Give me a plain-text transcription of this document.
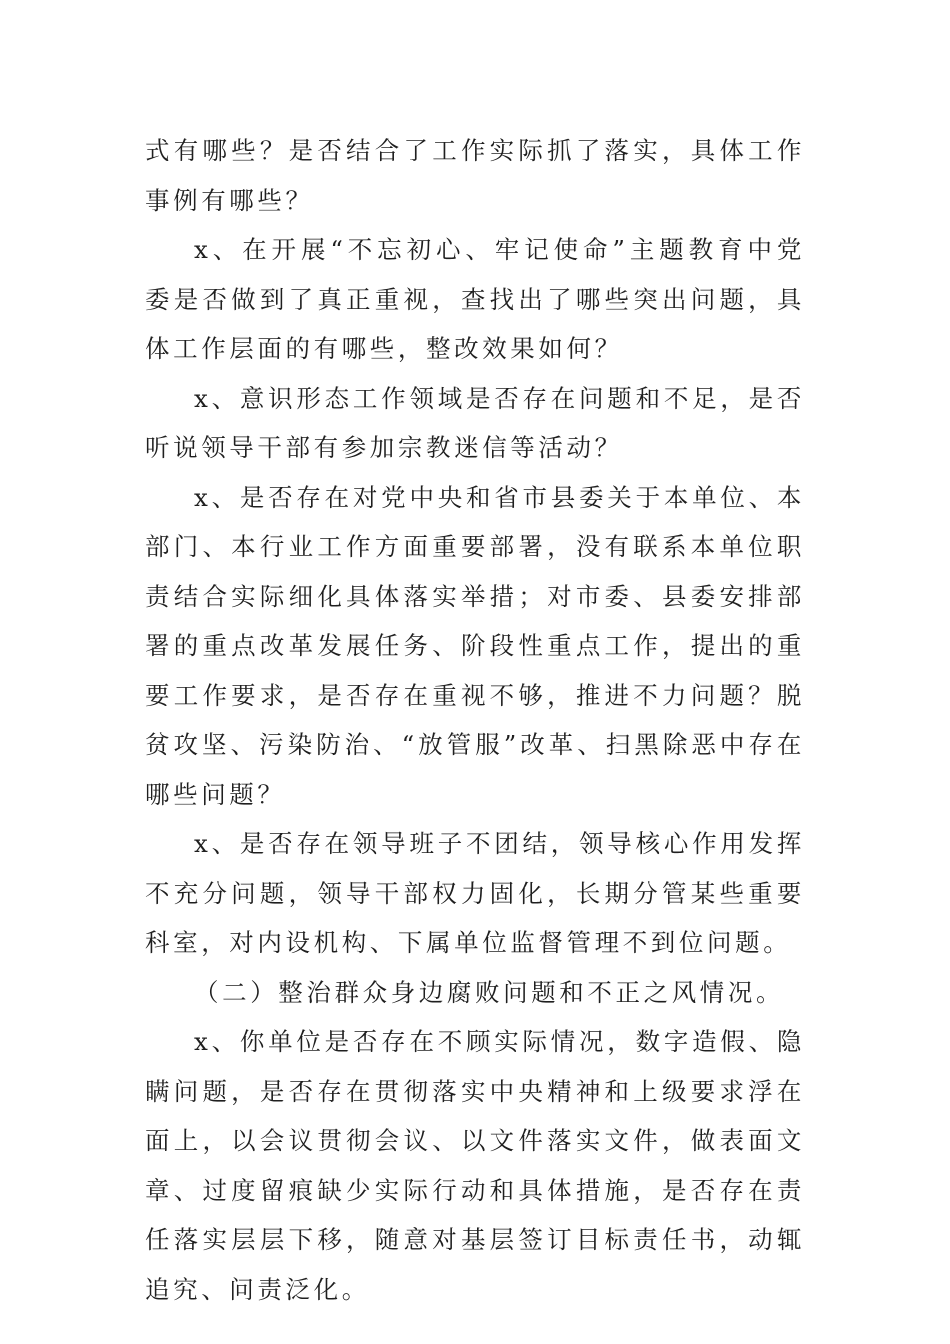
式有哪些？是否结合了工作实际抓了落实，具体工作事例有哪些？

x、在开展“不忘初心、牢记使命”主题教育中党委是否做到了真正重视，查找出了哪些突出问题，具体工作层面的有哪些，整改效果如何？

x、意识形态工作领域是否存在问题和不足，是否听说领导干部有参加宗教迷信等活动？

x、是否存在对党中央和省市县委关于本单位、本部门、本行业工作方面重要部署，没有联系本单位职责结合实际细化具体落实举措；对市委、县委安排部署的重点改革发展任务、阶段性重点工作，提出的重要工作要求，是否存在重视不够，推进不力问题？脱贫攻坚、污染防治、“放管服”改革、扫黑除恶中存在哪些问题？

x、是否存在领导班子不团结，领导核心作用发挥不充分问题，领导干部权力固化，长期分管某些重要科室，对内设机构、下属单位监督管理不到位问题。

（二）整治群众身边腐败问题和不正之风情况。

x、你单位是否存在不顾实际情况，数字造假、隐瞒问题，是否存在贯彻落实中央精神和上级要求浮在面上，以会议贯彻会议、以文件落实文件，做表面文章、过度留痕缺少实际行动和具体措施，是否存在责任落实层层下移，随意对基层签订目标责任书，动辄追究、问责泛化。
